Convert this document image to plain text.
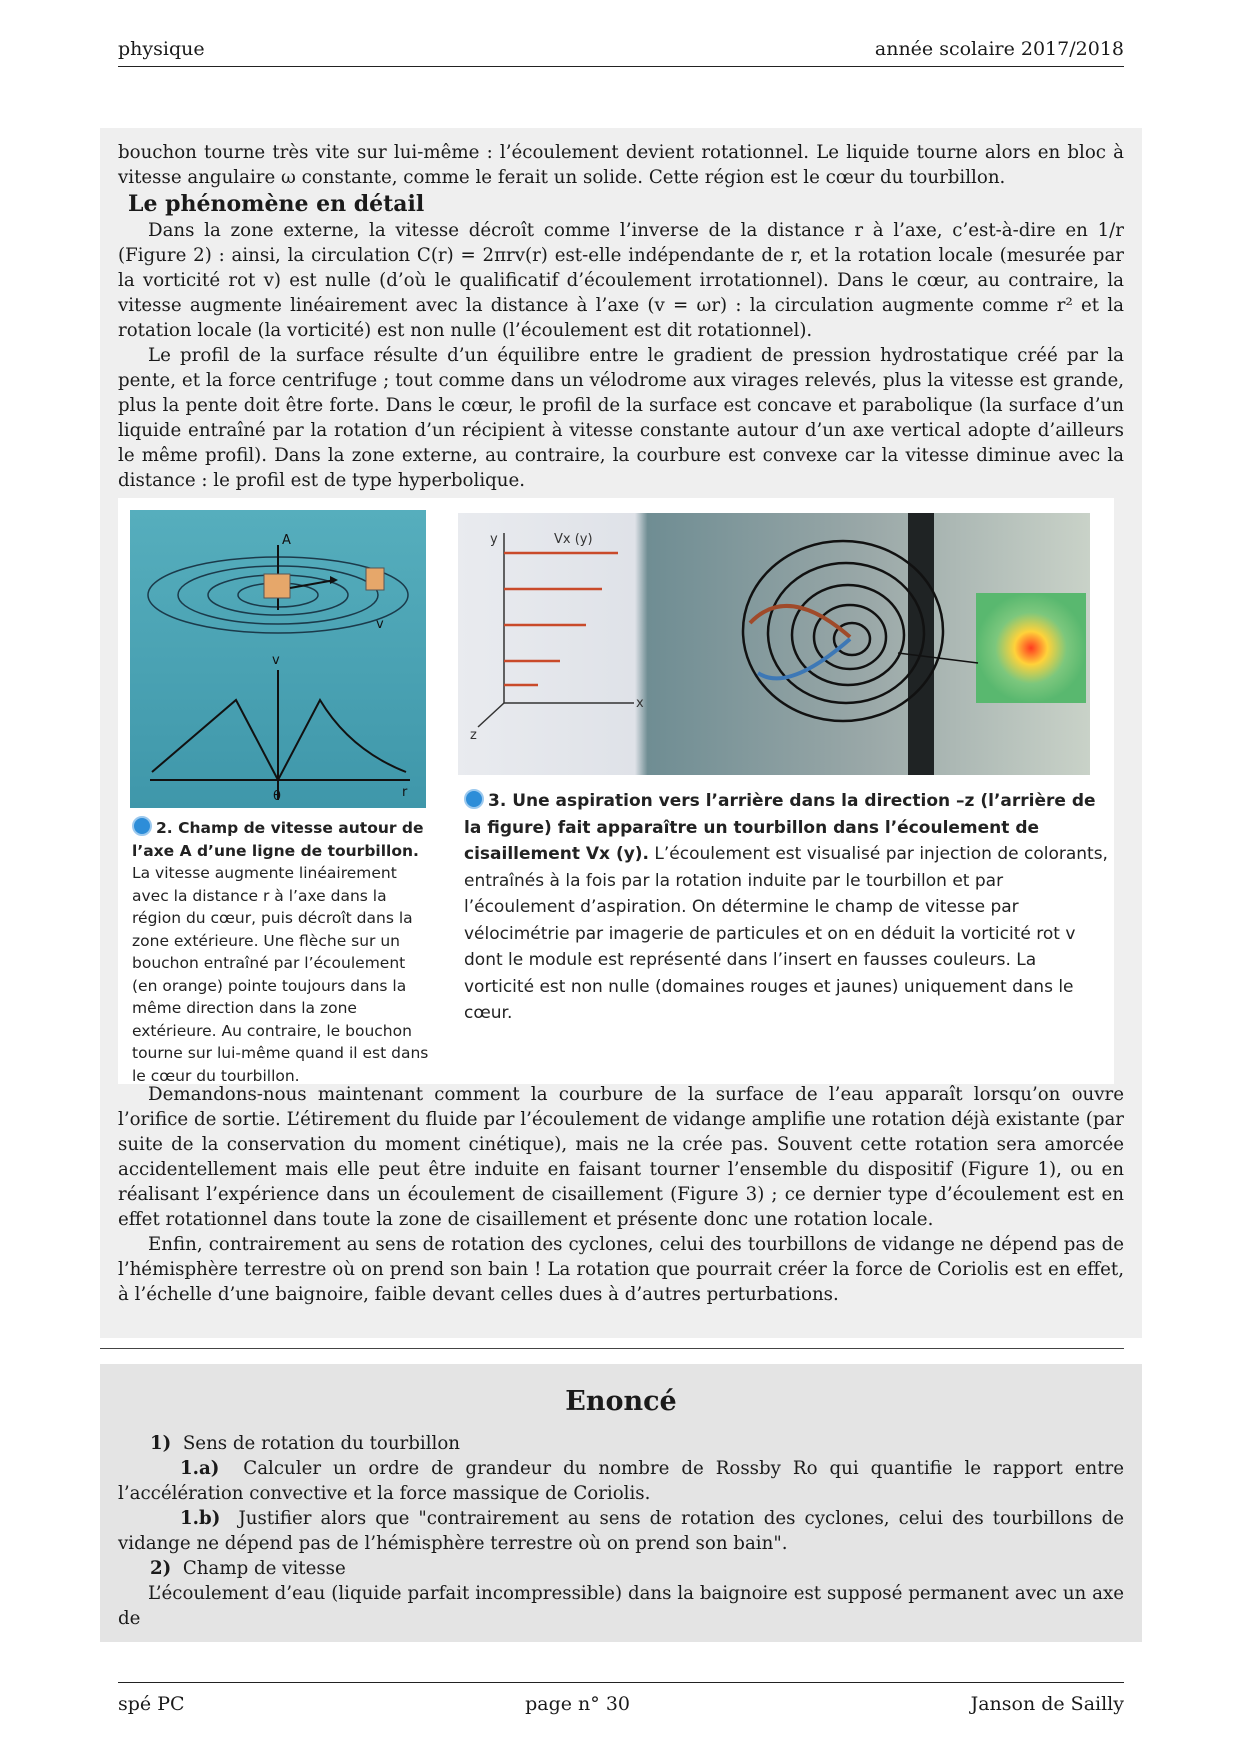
physique	année scolaire 2017/2018

bouchon tourne très vite sur lui-même : l’écoulement devient rotationnel. Le liquide tourne alors en bloc à vitesse angulaire ω constante, comme le ferait un solide. Cette région est le cœur du tourbillon.

Le phénomène en détail

Dans la zone externe, la vitesse décroît comme l’inverse de la distance r à l’axe, c’est-à-dire en 1/r (Figure 2) : ainsi, la circulation C(r) = 2πrv(r) est-elle indépendante de r, et la rotation locale (mesurée par la vorticité rot v) est nulle (d’où le qualificatif d’écoulement irrotationnel). Dans le cœur, au contraire, la vitesse augmente linéairement avec la distance à l’axe (v = ωr) : la circulation augmente comme r² et la rotation locale (la vorticité) est non nulle (l’écoulement est dit rotationnel).

Le profil de la surface résulte d’un équilibre entre le gradient de pression hydrostatique créé par la pente, et la force centrifuge ; tout comme dans un vélodrome aux virages relevés, plus la vitesse est grande, plus la pente doit être forte. Dans le cœur, le profil de la surface est concave et parabolique (la surface d’un liquide entraîné par la rotation d’un récipient à vitesse constante autour d’un axe vertical adopte d’ailleurs le même profil). Dans la zone externe, au contraire, la courbure est convexe car la vitesse diminue avec la distance : le profil est de type hyperbolique.

Demandons-nous maintenant comment la courbure de la surface de l’eau apparaît lorsqu’on ouvre l’orifice de sortie. L’étirement du fluide par l’écoulement de vidange amplifie une rotation déjà existante (par suite de la conservation du moment cinétique), mais ne la crée pas. Souvent cette rotation sera amorcée accidentellement mais elle peut être induite en faisant tourner l’ensemble du dispositif (Figure 1), ou en réalisant l’expérience dans un écoulement de cisaillement (Figure 3) ; ce dernier type d’écoulement est en effet rotationnel dans toute la zone de cisaillement et présente donc une rotation locale.

Enfin, contrairement au sens de rotation des cyclones, celui des tourbillons de vidange ne dépend pas de l’hémisphère terrestre où on prend son bain ! La rotation que pourrait créer la force de Coriolis est en effet, à l’échelle d’une baignoire, faible devant celles dues à d’autres perturbations.

A
v
v
θ	r
y	Vx (y)
x
z
2. Champ de vitesse autour de l’axe A d’une ligne de tourbillon. La vitesse augmente linéairement avec la distance r à l’axe dans la région du cœur, puis décroît dans la zone extérieure. Une flèche sur un bouchon entraîné par l’écoulement (en orange) pointe toujours dans la même direction dans la zone extérieure. Au contraire, le bouchon tourne sur lui-même quand il est dans le cœur du tourbillon.
3. Une aspiration vers l’arrière dans la direction –z (l’arrière de la figure) fait apparaître un tourbillon dans l’écoulement de cisaillement Vx (y). L’écoulement est visualisé par injection de colorants, entraînés à la fois par la rotation induite par le tourbillon et par l’écoulement d’aspiration. On détermine le champ de vitesse par vélocimétrie par imagerie de particules et on en déduit la vorticité rot v dont le module est représenté dans l’insert en fausses couleurs. La vorticité est non nulle (domaines rouges et jaunes) uniquement dans le cœur.

Enoncé

1) Sens de rotation du tourbillon

1.a) Calculer un ordre de grandeur du nombre de Rossby Ro qui quantifie le rapport entre l’accélération convective et la force massique de Coriolis.

1.b) Justifier alors que "contrairement au sens de rotation des cyclones, celui des tourbillons de vidange ne dépend pas de l’hémisphère terrestre où on prend son bain".

2) Champ de vitesse

L’écoulement d’eau (liquide parfait incompressible) dans la baignoire est supposé permanent avec un axe de

spé PC	page n° 30	Janson de Sailly
